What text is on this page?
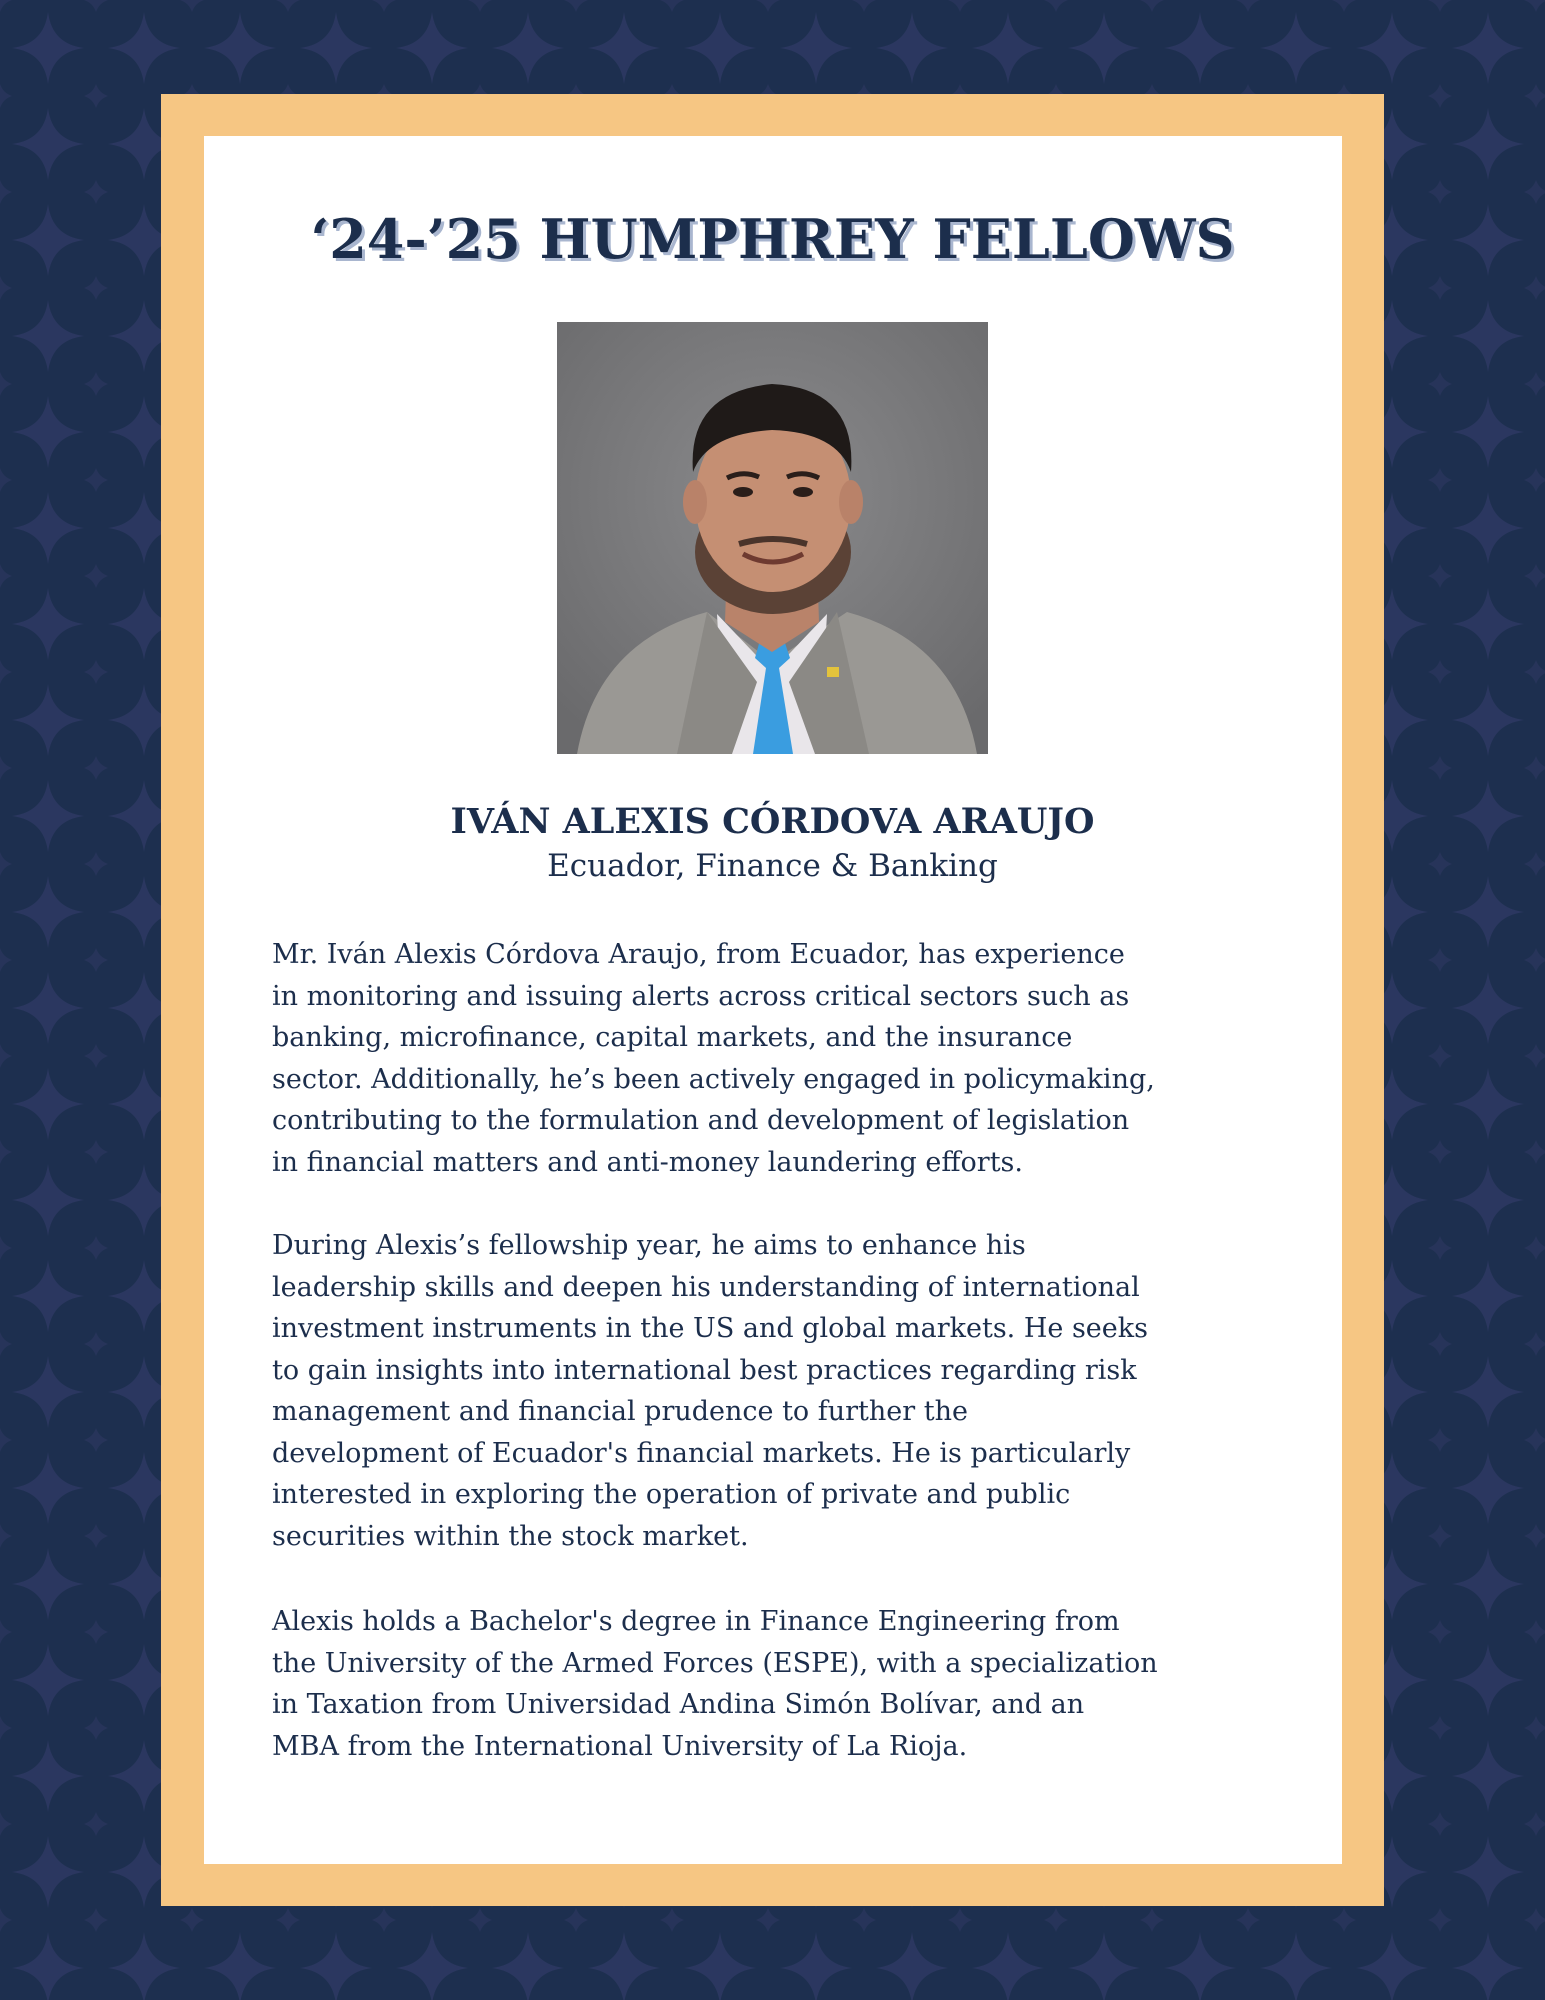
‘24-’25 HUMPHREY FELLOWS
IVÁN ALEXIS CÓRDOVA ARAUJO
Ecuador, Finance & Banking
Mr. Iván Alexis Córdova Araujo, from Ecuador, has experience
in monitoring and issuing alerts across critical sectors such as
banking, microfinance, capital markets, and the insurance
sector. Additionally, he’s been actively engaged in policymaking,
contributing to the formulation and development of legislation
in financial matters and anti-money laundering efforts.
During Alexis’s fellowship year, he aims to enhance his
leadership skills and deepen his understanding of international
investment instruments in the US and global markets. He seeks
to gain insights into international best practices regarding risk
management and financial prudence to further the
development of Ecuador's financial markets. He is particularly
interested in exploring the operation of private and public
securities within the stock market.
Alexis holds a Bachelor's degree in Finance Engineering from
the University of the Armed Forces (ESPE), with a specialization
in Taxation from Universidad Andina Simón Bolívar, and an
MBA from the International University of La Rioja.
